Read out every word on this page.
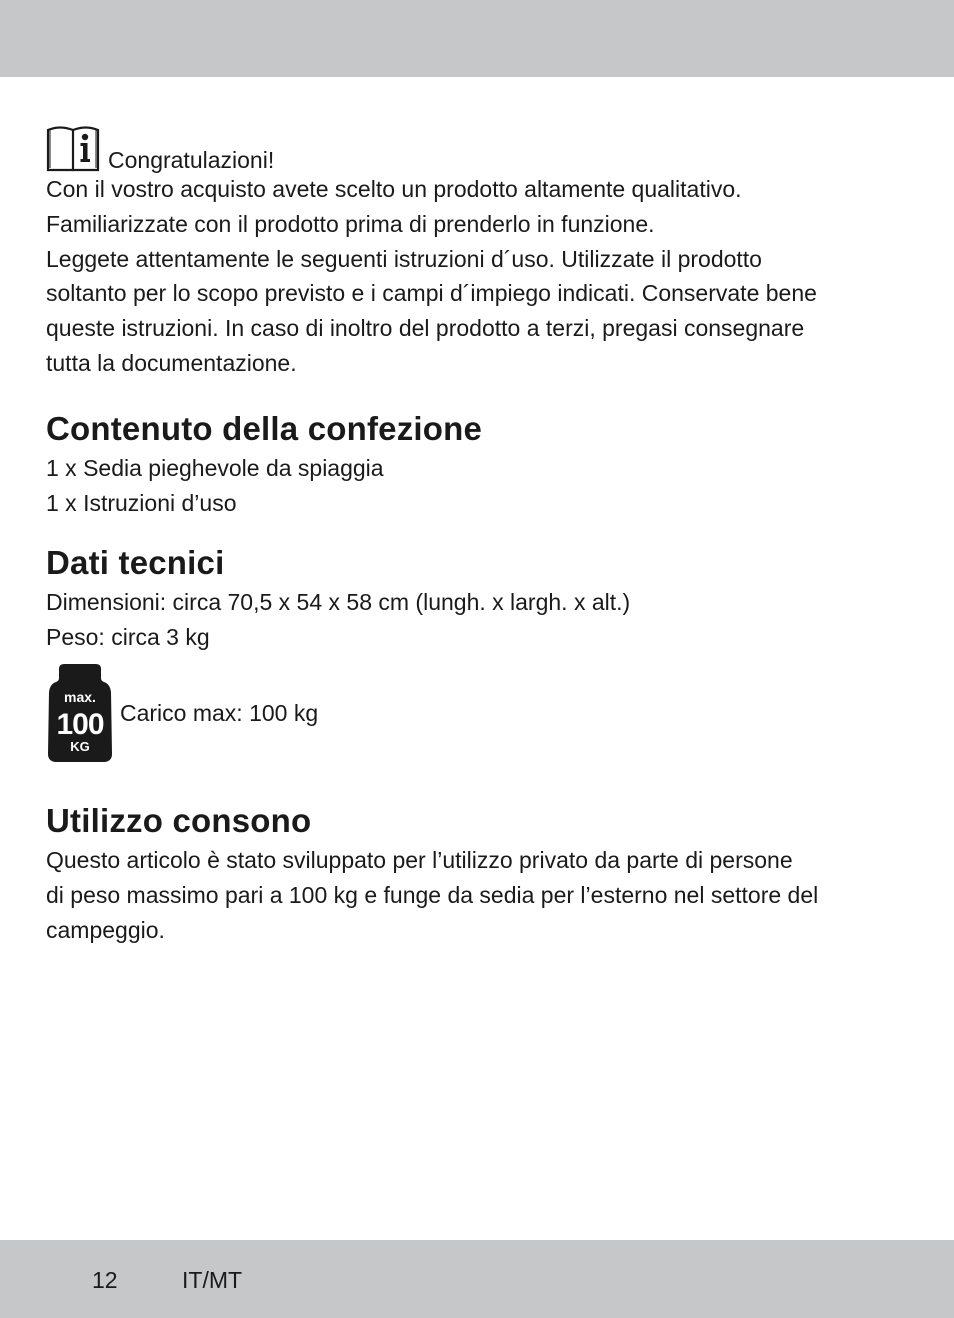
Congratulazioni!

Con il vostro acquisto avete scelto un prodotto altamente qualitativo.

Familiarizzate con il prodotto prima di prenderlo in funzione.

Leggete attentamente le seguenti istruzioni d´uso. Utilizzate il prodotto

soltanto per lo scopo previsto e i campi d´impiego indicati. Conservate bene

queste istruzioni. In caso di inoltro del prodotto a terzi, pregasi consegnare

tutta la documentazione.

Contenuto della confezione
1 x Sedia pieghevole da spiaggia
1 x Istruzioni d’uso
Dati tecnici
Dimensioni: circa 70,5 x 54 x 58 cm (lungh. x largh. x alt.)
Peso: circa 3 kg
max.
100
KG
Carico max: 100 kg
Utilizzo consono
Questo articolo è stato sviluppato per l’utilizzo privato da parte di persone
di peso massimo pari a 100 kg e funge da sedia per l’esterno nel settore del
campeggio.
12	IT/MT
